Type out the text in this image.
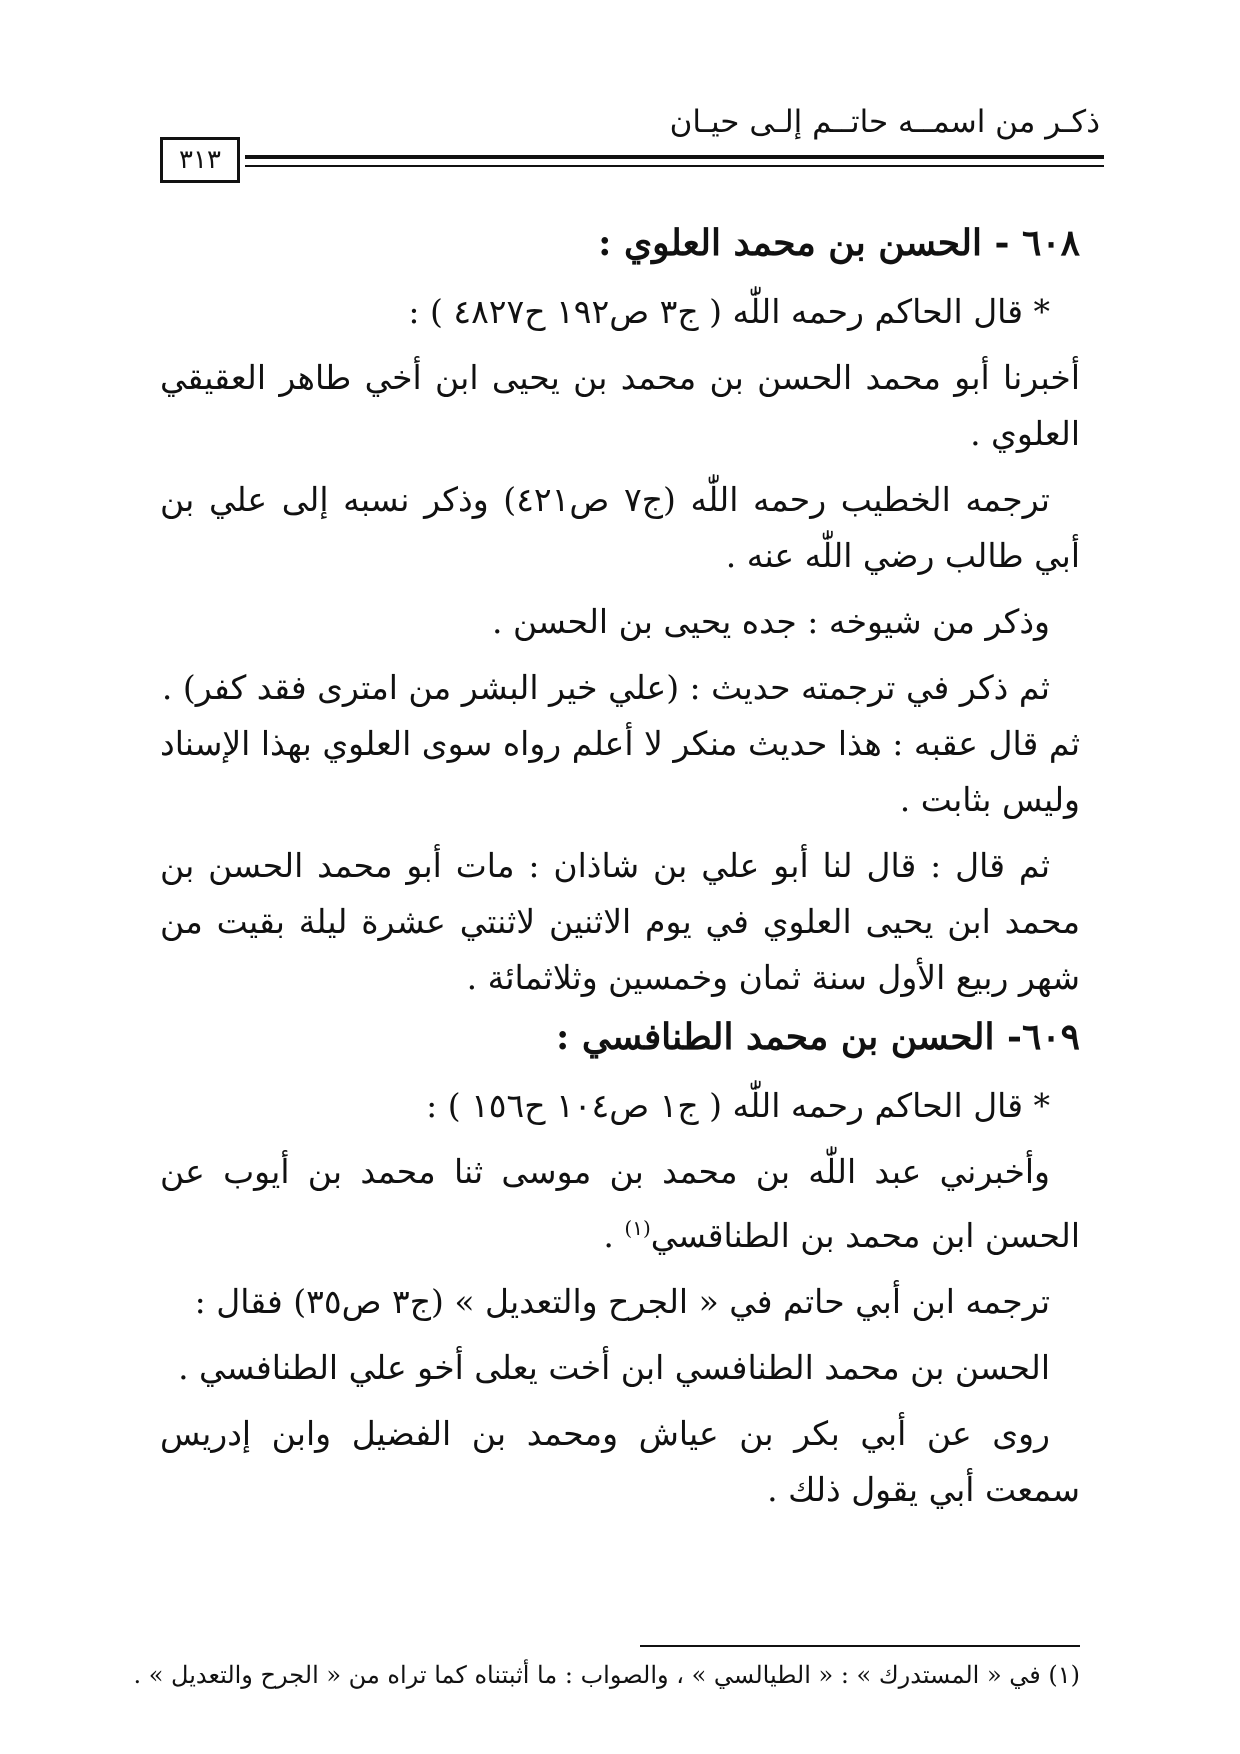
ذكـر من اسمــه حاتــم إلـى حيـان
٣١٣

٦٠٨ - الحسن بن محمد العلوي :

* قال الحاكم رحمه اللّٰه ( ج٣ ص١٩٢ ح٤٨٢٧ ) :

أخبرنا أبو محمد الحسن بن محمد بن يحيى ابن أخي طاهر العقيقي العلوي .

ترجمه الخطيب رحمه اللّٰه (ج٧ ص٤٢١) وذكر نسبه إلى علي بن أبي طالب رضي اللّٰه عنه .

وذكر من شيوخه : جده يحيى بن الحسن .

ثم ذكر في ترجمته حديث : (علي خير البشر من امترى فقد كفر) .

ثم قال عقبه : هذا حديث منكر لا أعلم رواه سوى العلوي بهذا الإسناد وليس بثابت .

ثم قال : قال لنا أبو علي بن شاذان : مات أبو محمد الحسن بن محمد ابن يحيى العلوي في يوم الاثنين لاثنتي عشرة ليلة بقيت من شهر ربيع الأول سنة ثمان وخمسين وثلاثمائة .

٦٠٩- الحسن بن محمد الطنافسي :

* قال الحاكم رحمه اللّٰه ( ج١ ص١٠٤ ح١٥٦ ) :

وأخبرني عبد اللّٰه بن محمد بن موسى ثنا محمد بن أيوب عن الحسن ابن محمد بن الطناقسي$^{(١)}$ .

ترجمه ابن أبي حاتم في « الجرح والتعديل » (ج٣ ص٣٥) فقال :

الحسن بن محمد الطنافسي ابن أخت يعلى أخو علي الطنافسي .

روى عن أبي بكر بن عياش ومحمد بن الفضيل وابن إدريس سمعت أبي يقول ذلك .

(١) في « المستدرك » : « الطيالسي » ، والصواب : ما أثبتناه كما تراه من « الجرح والتعديل » .
